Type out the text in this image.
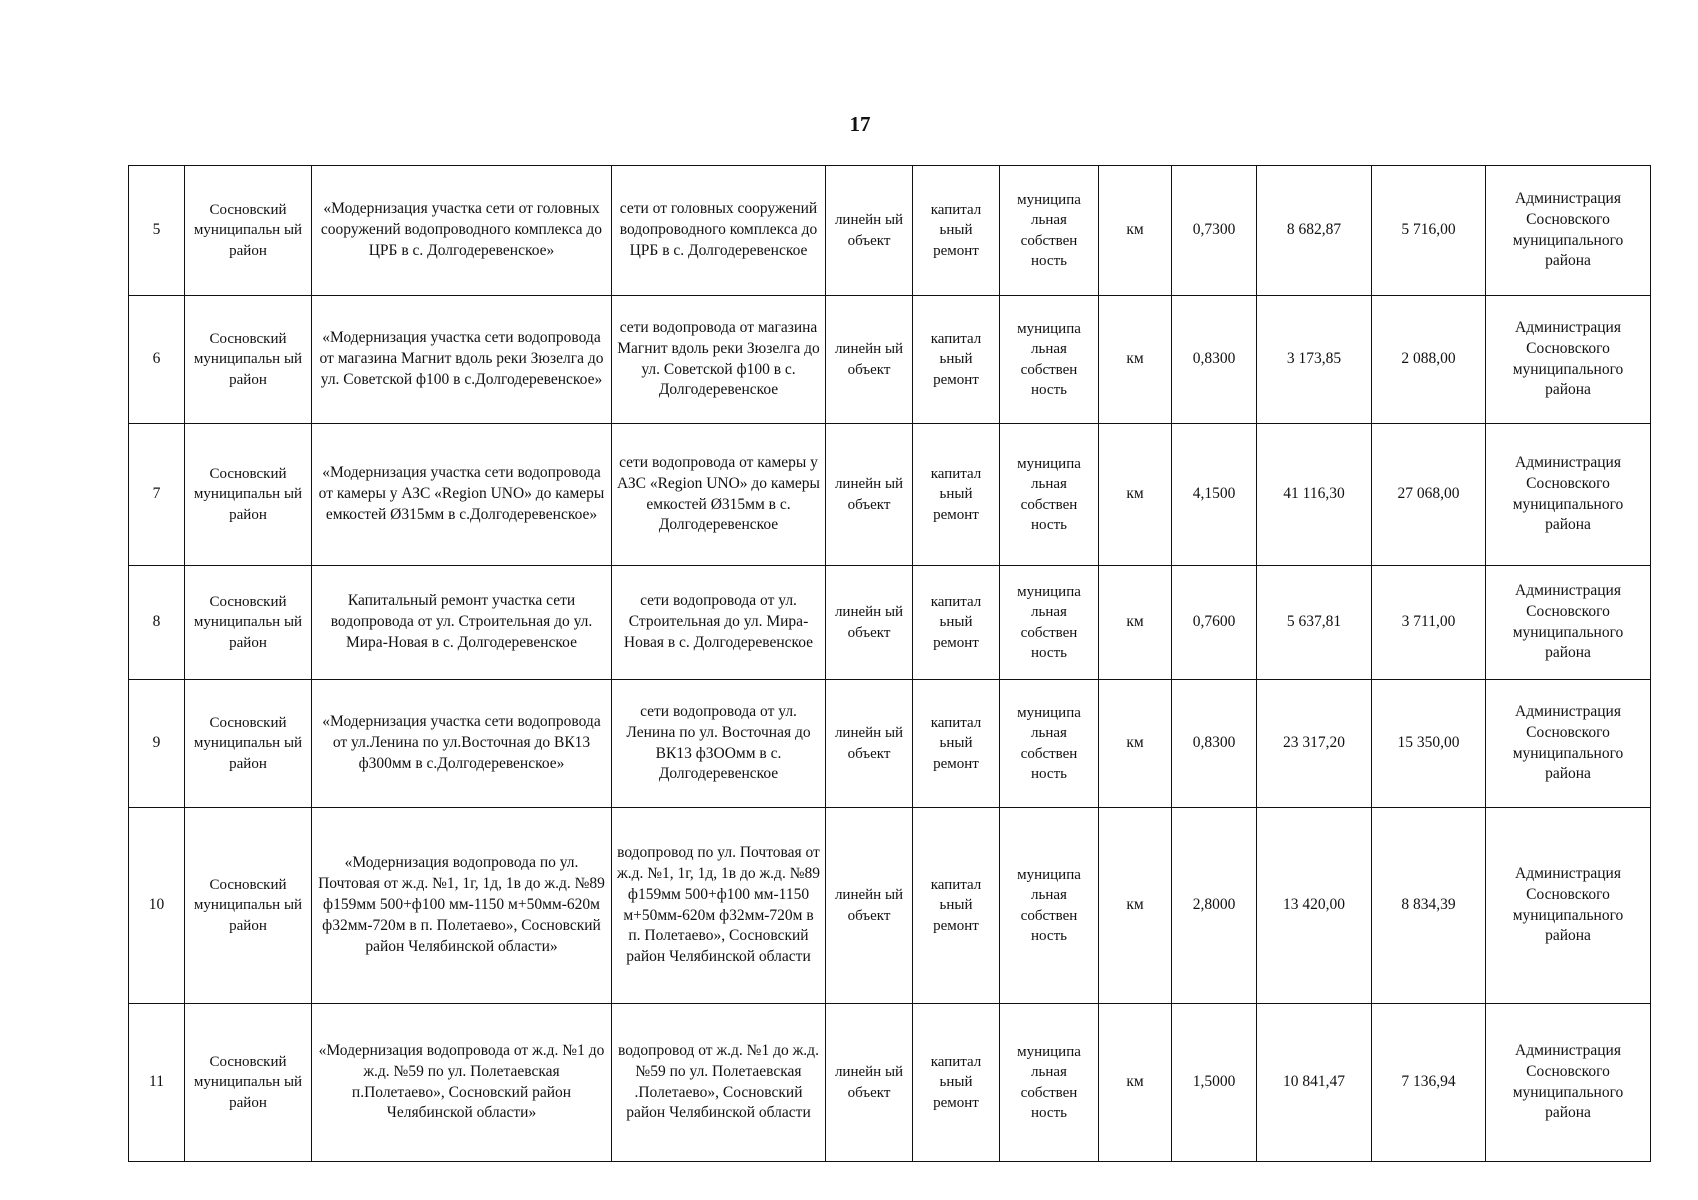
17
5	Сосновский муниципальн ый район	«Модернизация участка сети от головных сооружений водопроводного комплекса до ЦРБ в с. Долгодеревенское»	сети от головных сооружений водопроводного комплекса до ЦРБ в с. Долгодеревенское	линейн ый объект	капитал ьный ремонт	муниципа льная собствен ность	км	0,7300	8 682,87	5 716,00	Администрация Сосновского муниципального района
6	Сосновский муниципальн ый район	«Модернизация участка сети водопровода от магазина Магнит вдоль реки Зюзелга до ул. Советской ф100 в с.Долгодеревенское»	сети водопровода от магазина Магнит вдоль реки Зюзелга до ул. Советской ф100 в с. Долгодеревенское	линейн ый объект	капитал ьный ремонт	муниципа льная собствен ность	км	0,8300	3 173,85	2 088,00	Администрация Сосновского муниципального района
7	Сосновский муниципальн ый район	«Модернизация участка сети водопровода от камеры у АЗС «Region UNO» до камеры емкостей Ø315мм в с.Долгодеревенское»	сети водопровода от камеры у АЗС «Region UNO» до камеры емкостей Ø315мм в с. Долгодеревенское	линейн ый объект	капитал ьный ремонт	муниципа льная собствен ность	км	4,1500	41 116,30	27 068,00	Администрация Сосновского муниципального района
8	Сосновский муниципальн ый район	Капитальный ремонт участка сети водопровода от ул. Строительная до ул. Мира-Новая в с. Долгодеревенское	сети водопровода от ул. Строительная до ул. Мира-Новая в с. Долгодеревенское	линейн ый объект	капитал ьный ремонт	муниципа льная собствен ность	км	0,7600	5 637,81	3 711,00	Администрация Сосновского муниципального района
9	Сосновский муниципальн ый район	«Модернизация участка сети водопровода от ул.Ленина по ул.Восточная до ВК13 ф300мм в с.Долгодеревенское»	сети водопровода от ул. Ленина по ул. Восточная до ВК13 ф3ООмм в с. Долгодеревенское	линейн ый объект	капитал ьный ремонт	муниципа льная собствен ность	км	0,8300	23 317,20	15 350,00	Администрация Сосновского муниципального района
10	Сосновский муниципальн ый район	«Модернизация водопровода по ул. Почтовая от ж.д. №1, 1г, 1д, 1в до ж.д. №89 ф159мм 500+ф100 мм-1150 м+50мм-620м ф32мм-720м в п. Полетаево», Сосновский район Челябинской области»	водопровод по ул. Почтовая от ж.д. №1, 1г, 1д, 1в до ж.д. №89 ф159мм 500+ф100 мм-1150 м+50мм-620м ф32мм-720м в п. Полетаево», Сосновский район Челябинской области	линейн ый объект	капитал ьный ремонт	муниципа льная собствен ность	км	2,8000	13 420,00	8 834,39	Администрация Сосновского муниципального района
11	Сосновский муниципальн ый район	«Модернизация водопровода от ж.д. №1 до ж.д. №59 по ул. Полетаевская п.Полетаево», Сосновский район Челябинской области»	водопровод от ж.д. №1 до ж.д. №59 по ул. Полетаевская .Полетаево», Сосновский район Челябинской области	линейн ый объект	капитал ьный ремонт	муниципа льная собствен ность	км	1,5000	10 841,47	7 136,94	Администрация Сосновского муниципального района
